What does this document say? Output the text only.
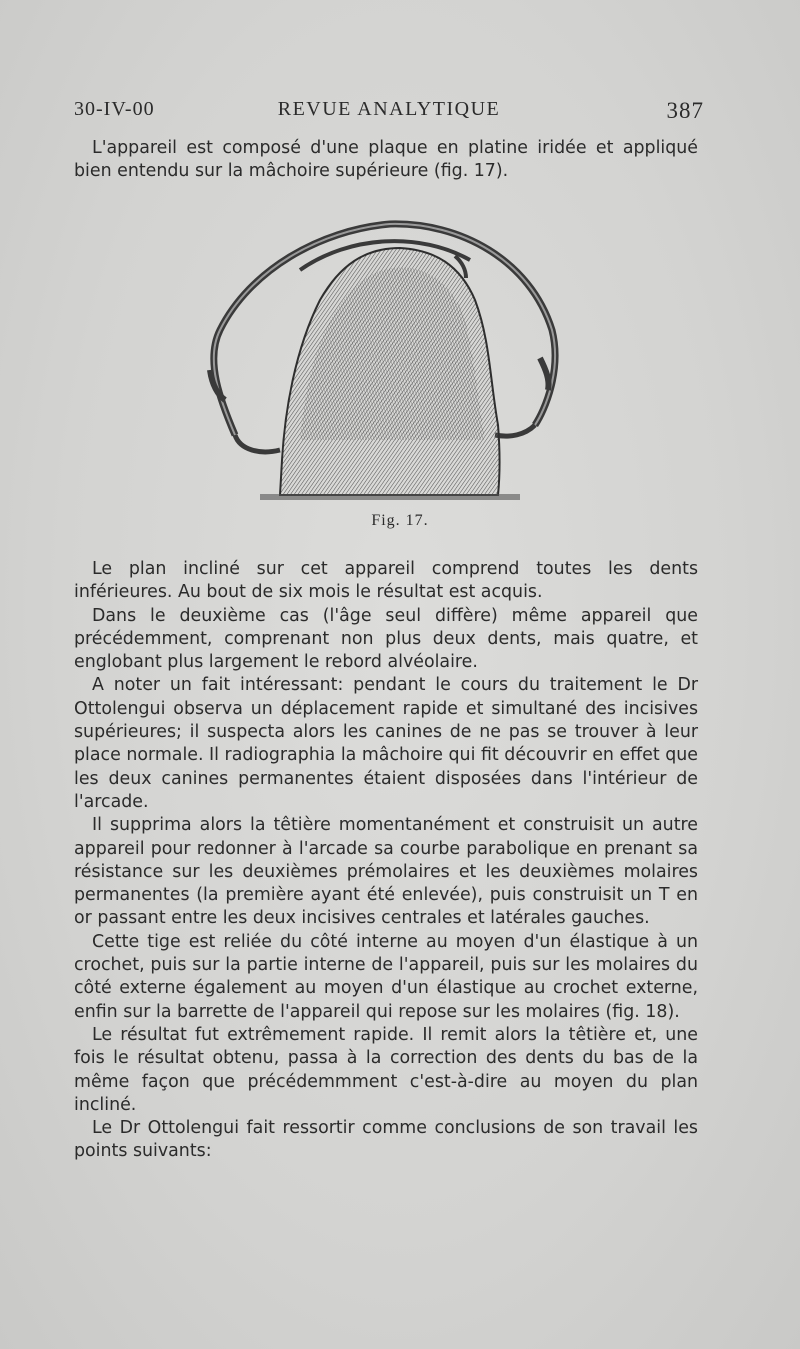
30-IV-00	REVUE ANALYTIQUE	387

L'appareil est composé d'une plaque en platine iridée et appliqué bien entendu sur la mâchoire supérieure (fig. 17).

Fig. 17.

Le plan incliné sur cet appareil comprend toutes les dents inférieures. Au bout de six mois le résultat est acquis.

Dans le deuxième cas (l'âge seul diffère) même appareil que précédemment, comprenant non plus deux dents, mais quatre, et englobant plus largement le rebord alvéolaire.

A noter un fait intéressant: pendant le cours du traitement le Dr Ottolengui observa un déplacement rapide et simultané des incisives supérieures; il suspecta alors les canines de ne pas se trouver à leur place normale. Il radiographia la mâchoire qui fit découvrir en effet que les deux canines permanentes étaient disposées dans l'intérieur de l'arcade.

Il supprima alors la têtière momentanément et construisit un autre appareil pour redonner à l'arcade sa courbe parabolique en prenant sa résistance sur les deuxièmes prémolaires et les deuxièmes molaires permanentes (la première ayant été enlevée), puis construisit un T en or passant entre les deux incisives centrales et latérales gauches.

Cette tige est reliée du côté interne au moyen d'un élastique à un crochet, puis sur la partie interne de l'appareil, puis sur les molaires du côté externe également au moyen d'un élastique au crochet externe, enfin sur la barrette de l'appareil qui repose sur les molaires (fig. 18).

Le résultat fut extrêmement rapide. Il remit alors la têtière et, une fois le résultat obtenu, passa à la correction des dents du bas de la même façon que précédemmment c'est-à-dire au moyen du plan incliné.

Le Dr Ottolengui fait ressortir comme conclusions de son travail les points suivants:
